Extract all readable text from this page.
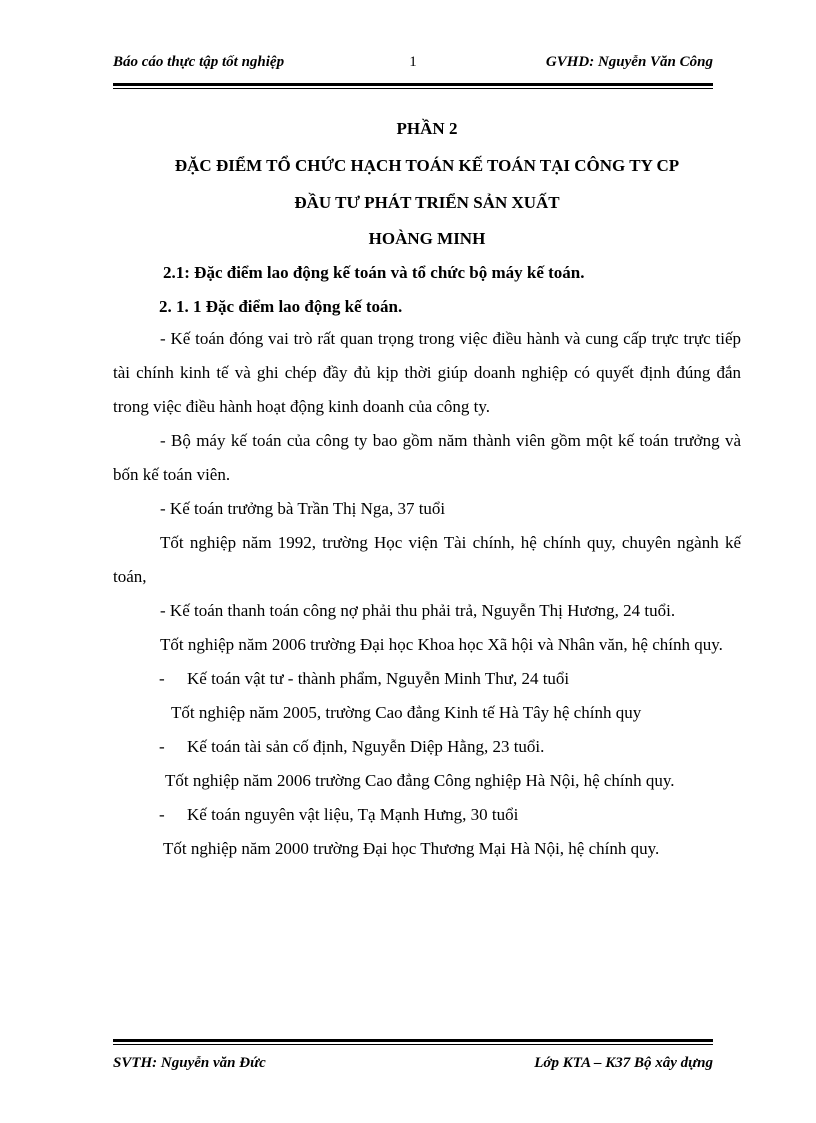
Báo cáo thực tập tốt nghiệp	1	GVHD: Nguyễn Văn Công
PHẦN 2
ĐẶC ĐIỂM TỔ CHỨC HẠCH TOÁN KẾ TOÁN TẠI CÔNG TY CP
ĐẦU TƯ PHÁT TRIỂN SẢN XUẤT
HOÀNG MINH
2.1: Đặc điểm lao động kế toán và tổ chức bộ máy kế toán.
2. 1. 1 Đặc điểm lao động kế toán.
- Kế toán đóng vai trò rất quan trọng trong việc điều hành và cung cấp trực trực tiếp tài chính kinh tế và ghi chép đầy đủ kịp thời giúp doanh nghiệp có quyết định đúng đắn trong việc điều hành hoạt động kinh doanh của công ty.
- Bộ máy kế toán của công ty bao gồm năm thành viên gồm một kế toán trưởng và bốn kế toán viên.
- Kế toán trưởng bà Trần Thị Nga, 37 tuổi
Tốt nghiệp năm 1992, trường Học viện Tài chính, hệ chính quy, chuyên ngành kế toán,
- Kế toán thanh toán công nợ phải thu phải trả, Nguyễn Thị Hương, 24 tuổi.
Tốt nghiệp năm 2006 trường Đại học Khoa học Xã hội và Nhân văn, hệ chính quy.
- Kế toán vật tư - thành phẩm, Nguyễn Minh Thư, 24 tuổi
Tốt nghiệp năm 2005, trường Cao đẳng Kinh tế Hà Tây hệ chính quy
- Kế toán tài sản cố định, Nguyễn Diệp Hằng, 23 tuổi.
Tốt nghiệp năm 2006 trường Cao đẳng Công nghiệp Hà Nội, hệ chính quy.
- Kế toán nguyên vật liệu, Tạ Mạnh Hưng, 30 tuổi
Tốt nghiệp năm 2000 trường Đại học Thương Mại Hà Nội, hệ chính quy.
SVTH: Nguyễn văn Đức	Lớp KTA – K37 Bộ xây dựng
